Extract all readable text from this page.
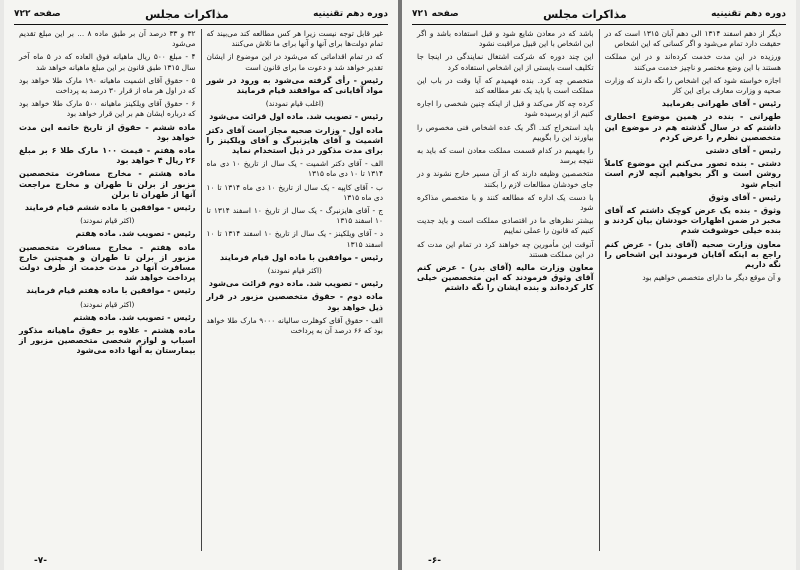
دوره دهم تقنینیه
مذاکرات مجلس
صفحه ۷۲۲

غیر قابل توجه نیست زیرا هر کس مطالعه کند می‌بیند که تمام دولت‌ها برای آنها و آنها برای ما تلاش می‌کنند

که در تمام اقداماتی که می‌شود در این موضوع از ایشان تقدیر خواهد شد و دعوت ما برای قانون است

رئیس - رأی گرفته می‌شود به ورود در شور مواد آقایانی که موافقند قیام فرمایند

(اغلب قیام نمودند)

رئیس - تصویب شد. ماده اول قرائت می‌شود

ماده اول - وزارت صحیه مجاز است آقای دکتر اشمیت و آقای هایزنبرگ و آقای ویلکینز را برای مدت مذکور در ذیل استخدام نماید

الف - آقای دکتر اشمیت - یک سال از تاریخ ۱۰ دی ماه ۱۳۱۴ تا ۱۰ دی ماه ۱۳۱۵

ب - آقای کاپیه - یک سال از تاریخ ۱۰ دی ماه ۱۳۱۴ تا ۱۰ دی ماه ۱۳۱۵

ج - آقای هایزنبرگ - یک سال از تاریخ ۱۰ اسفند ۱۳۱۴ تا ۱۰ اسفند ۱۳۱۵

د - آقای ویلکینز - یک سال از تاریخ ۱۰ اسفند ۱۳۱۴ تا ۱۰ اسفند ۱۳۱۵

رئیس - موافقین با ماده اول قیام فرمایند

(اکثر قیام نمودند)

رئیس - تصویب شد. ماده دوم قرائت می‌شود

ماده دوم - حقوق متخصصین مزبور در قرار ذیل خواهد بود

الف - حقوق آقای کوهلرت سالیانه ۹۰۰۰ مارک طلا خواهد بود که ۶۶ درصد آن به پرداخت

۳۲ و ۳۳ درصد آن بر طبق ماده ۸ ... بر این مبلغ تقدیم می‌شود

۴ - مبلغ ۵۰۰ ریال ماهیانه فوق العاده که در ۵ ماه آخر سال ۱۳۱۵ طبق قانون بر این مبلغ ماهیانه خواهد شد

۵ - حقوق آقای اشمیت ماهیانه ۱۹۰ مارک طلا خواهد بود که در اول هر ماه از قرار ۳۰ درصد به پرداخت

۶ - حقوق آقای ویلکینز ماهیانه ۵۰۰ مارک طلا خواهد بود که درباره ایشان هم بر این قرار خواهد بود

ماده ششم - حقوق از تاریخ خاتمه این مدت خواهد بود

ماده هفتم - قیمت ۱۰۰ مارک طلا ۶ بر مبلغ ۲۶ ریال ۴ خواهد بود

ماده هشتم - مخارج مسافرت متخصصین مزبور از برلن تا طهران و مخارج مراجعت آنها از طهران تا برلن

رئیس - موافقین با ماده ششم قیام فرمایند

(اکثر قیام نمودند)

رئیس - تصویب شد. ماده هفتم

ماده هفتم - مخارج مسافرت متخصصین مزبور از برلن تا طهران و همچنین خارج مسافرت آنها در مدت خدمت از طرف دولت پرداخت خواهد شد

رئیس - موافقین با ماده هفتم قیام فرمایند

(اکثر قیام نمودند)

رئیس - تصویب شد. ماده هشتم

ماده هشتم - علاوه بر حقوق ماهیانه مذکور اسباب و لوازم شخصی متخصصین مزبور از بیمارستان به آنها داده می‌شود

-۷-
دوره دهم تقنینیه
مذاکرات مجلس
صفحه ۷۲۱

دیگر از دهم اسفند ۱۳۱۴ الی دهم آبان ۱۳۱۵ است که در حقیقت دارد تمام می‌شود و اگر کسانی که این اشخاص

ورزیده در این مدت خدمت کرده‌اند و در این مملکت هستند با این وضع مختصر و ناچیز خدمت می‌کنند

اجازه خواسته شود که این اشخاص را نگه دارند که وزارت صحیه و وزارت معارف برای این کار

رئیس - آقای طهرانی بفرمایید

طهرانی - بنده در همین موضوع اخطاری داشتم که در سال گذشته هم در موضوع این متخصصین نظرم را عرض کردم

رئیس - آقای دشتی

دشتی - بنده تصور می‌کنم این موضوع کاملاً روشن است و اگر بخواهیم آنچه لازم است انجام شود

رئیس - آقای وثوق

وثوق - بنده یک عرض کوچک داشتم که آقای مخبر در ضمن اظهارات خودشان بیان کردند و بنده خیلی خوشوقت شدم

معاون وزارت صحیه (آقای بدر) - عرض کنم راجع به اینکه آقایان فرمودند این اشخاص را نگه داریم

و آن موقع دیگر ما دارای متخصص خواهیم بود

باشد که در معادن شایع شود و قبل استفاده باشد و اگر این اشخاص با این قبیل مراقبت نشود

این چند دوره که شرکت اشتغال نمایندگی در اینجا جا تکلیف است بایستی از این اشخاص استفاده کرد

متخصص چه کرد. بنده فهمیدم که آیا وقت در باب این مملکت است یا باید یک نفر مطالعه کند

کرده چه کار می‌کند و قبل از اینکه چنین شخصی را اجاره کنیم از او پرسیده شود

باید استخراج کند. اگر یک عده اشخاص فنی مخصوص را بیاورند این را بگوییم

را بفهمیم در کدام قسمت مملکت معادن است که باید به نتیجه برسد

متخصصین وظیفه دارند که از آن مسیر خارج نشوند و در جای خودشان مطالعات لازم را بکنند

با دست یک اداره که مطالعه کنند و با متخصص مذاکره شود

بیشتر نظرهای ما در اقتصادی مملکت است و باید جدیت کنیم که قانون را عملی نماییم

آنوقت این مأمورین چه خواهند کرد در تمام این مدت که در این مملکت هستند

معاون وزارت مالیه (آقای بدر) - عرض کنم آقای وثوق فرمودند که این متخصصین خیلی کار کرده‌اند و بنده ایشان را نگه داشتم

-۶-
